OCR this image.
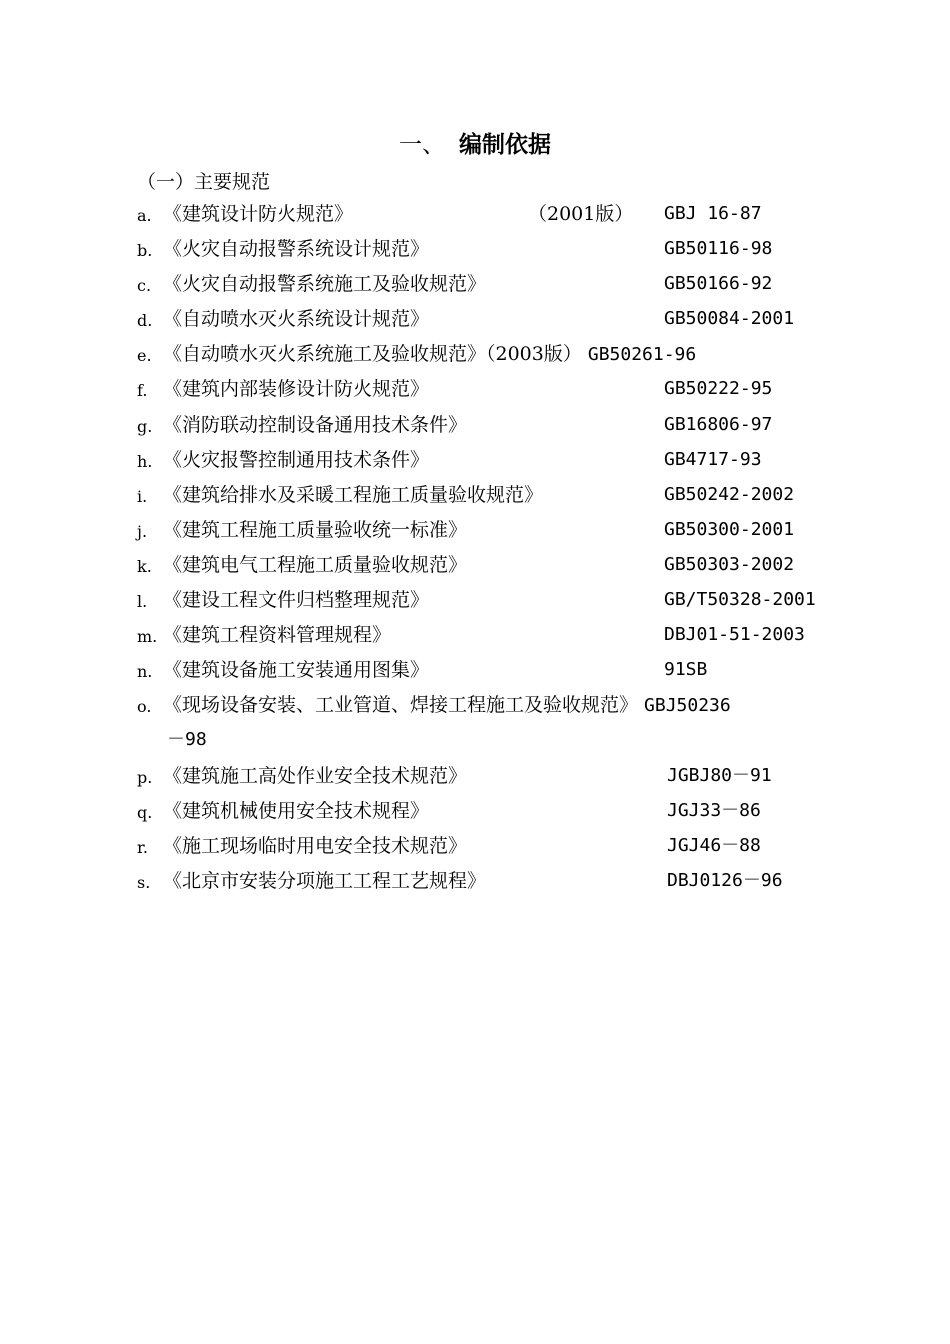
一、 编制依据
（一）主要规范
a. 《建筑设计防火规范》	（2001版） GBJ 16-87
b. 《火灾自动报警系统设计规范》	GB50116-98
c. 《火灾自动报警系统施工及验收规范》	GB50166-92
d. 《自动喷水灭火系统设计规范》	GB50084-2001
e. 《自动喷水灭火系统施工及验收规范》（2003版） GB50261-96
f. 《建筑内部装修设计防火规范》	GB50222-95
g. 《消防联动控制设备通用技术条件》	GB16806-97
h. 《火灾报警控制通用技术条件》	GB4717-93
i. 《建筑给排水及采暖工程施工质量验收规范》	GB50242-2002
j. 《建筑工程施工质量验收统一标准》	GB50300-2001
k. 《建筑电气工程施工质量验收规范》	GB50303-2002
l. 《建设工程文件归档整理规范》	GB/T50328-2001
m. 《建筑工程资料管理规程》	DBJ01-51-2003
n. 《建筑设备施工安装通用图集》	91SB
o. 《现场设备安装、工业管道、焊接工程施工及验收规范》 GBJ50236
－98
p. 《建筑施工高处作业安全技术规范》	JGBJ80－91
q. 《建筑机械使用安全技术规程》	JGJ33－86
r. 《施工现场临时用电安全技术规范》	JGJ46－88
s. 《北京市安装分项施工工程工艺规程》	DBJ0126－96
